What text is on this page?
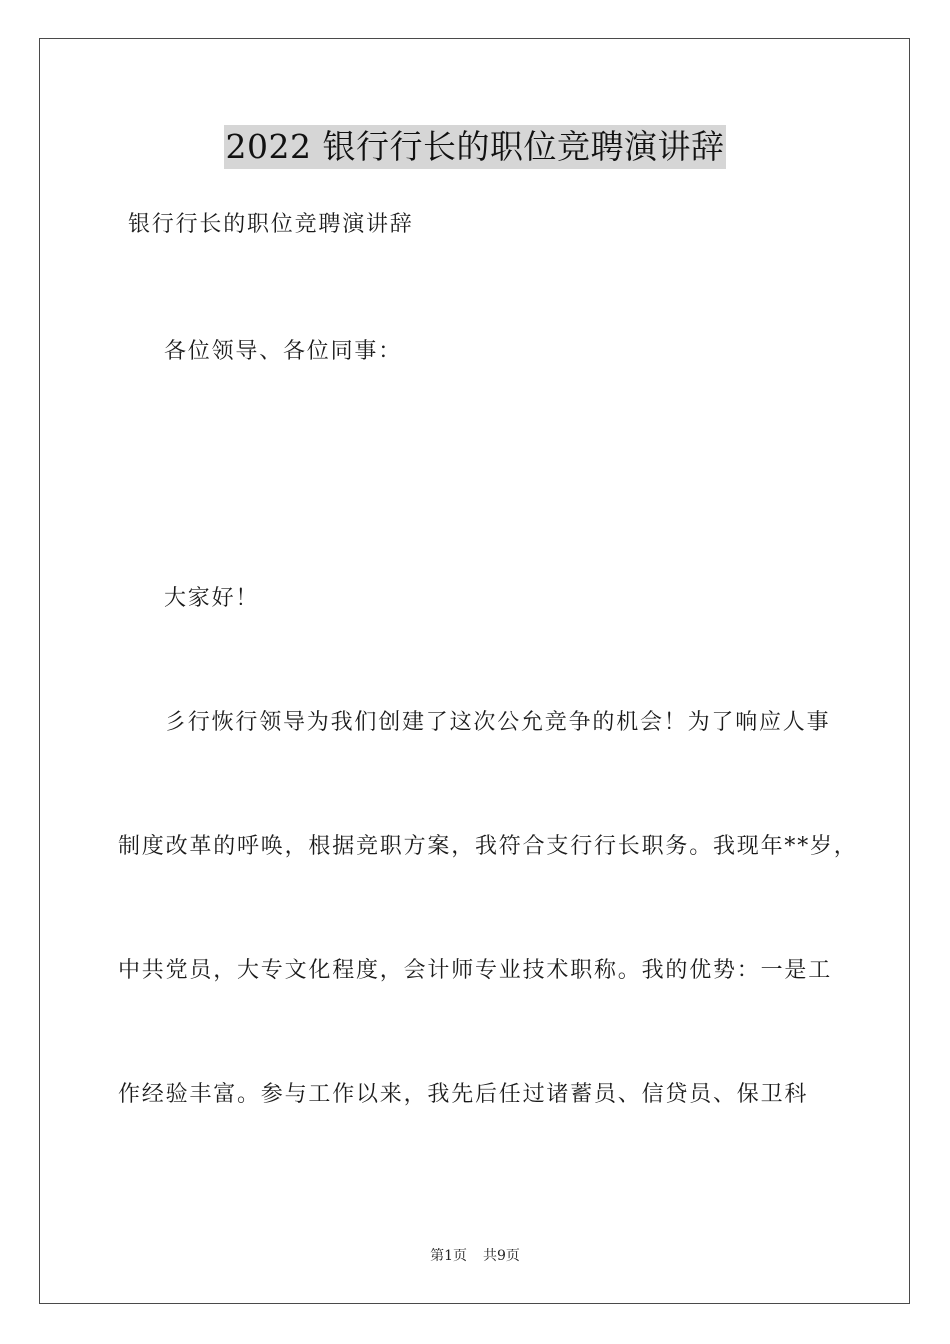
2022 银行行长的职位竞聘演讲辞
银行行长的职位竞聘演讲辞
各位领导、各位同事：
大家好！
彡行恢行领导为我们创建了这次公允竞争的机会！为了响应人事
制度改革的呼唤，根据竞职方案，我符合支行行长职务。我现年**岁，
中共党员，大专文化程度，会计师专业技术职称。我的优势：一是工
作经验丰富。参与工作以来，我先后任过诸蓄员、信贷员、保卫科
第1页 共9页
